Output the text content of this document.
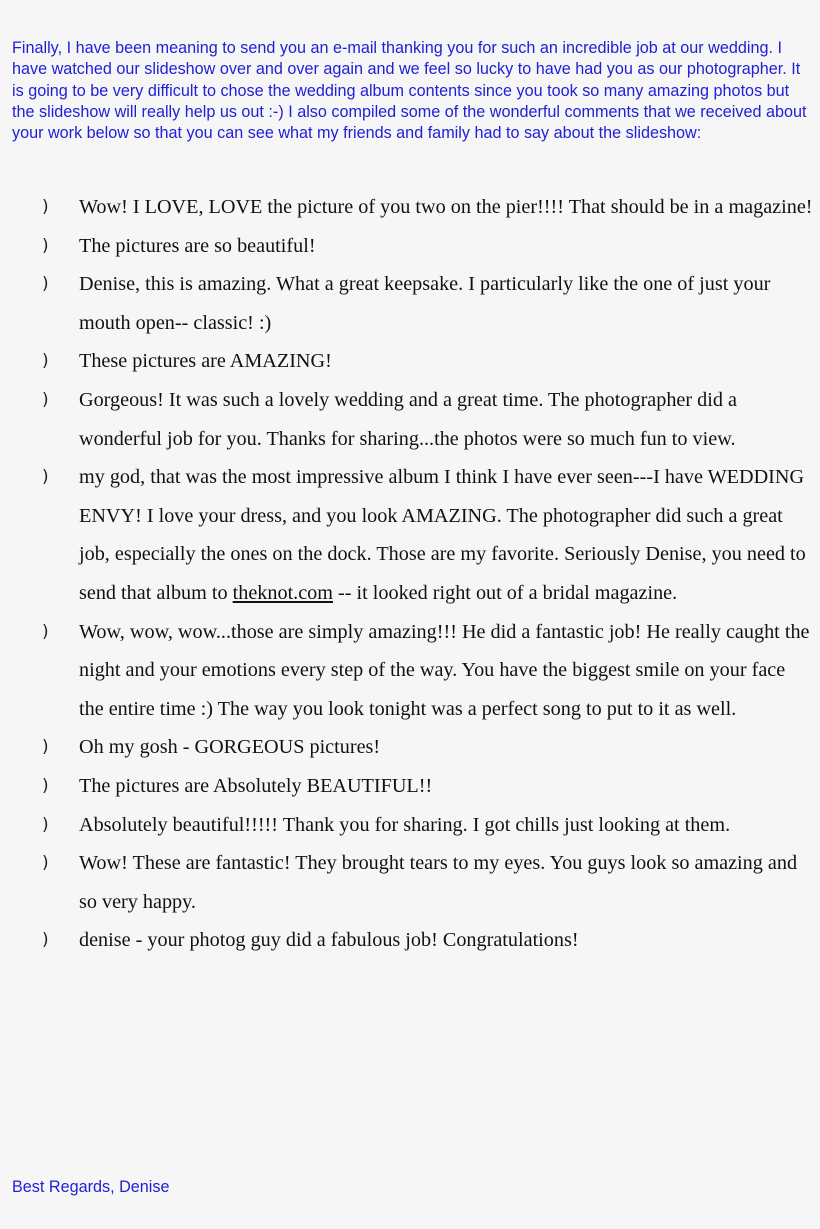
Finally, I have been meaning to send you an e-mail thanking you for such an incredible job at our wedding. I have watched our slideshow over and over again and we feel so lucky to have had you as our photographer. It is going to be very difficult to chose the wedding album contents since you took so many amazing photos but the slideshow will really help us out :-) I also compiled some of the wonderful comments that we received about your work below so that you can see what my friends and family had to say about the slideshow:

) Wow! I LOVE, LOVE the picture of you two on the pier!!!! That should be in a magazine!
) The pictures are so beautiful!
) Denise, this is amazing. What a great keepsake. I particularly like the one of just your mouth open-- classic! :)
) These pictures are AMAZING!
) Gorgeous! It was such a lovely wedding and a great time. The photographer did a wonderful job for you. Thanks for sharing...the photos were so much fun to view.
) my god, that was the most impressive album I think I have ever seen---I have WEDDING ENVY! I love your dress, and you look AMAZING. The photographer did such a great job, especially the ones on the dock. Those are my favorite. Seriously Denise, you need to send that album to theknot.com -- it looked right out of a bridal magazine.
) Wow, wow, wow...those are simply amazing!!! He did a fantastic job! He really caught the night and your emotions every step of the way. You have the biggest smile on your face the entire time :) The way you look tonight was a perfect song to put to it as well.
) Oh my gosh - GORGEOUS pictures!
) The pictures are Absolutely BEAUTIFUL!!
) Absolutely beautiful!!!!! Thank you for sharing. I got chills just looking at them.
) Wow! These are fantastic! They brought tears to my eyes. You guys look so amazing and so very happy.
) denise - your photog guy did a fabulous job! Congratulations!

Best Regards, Denise
